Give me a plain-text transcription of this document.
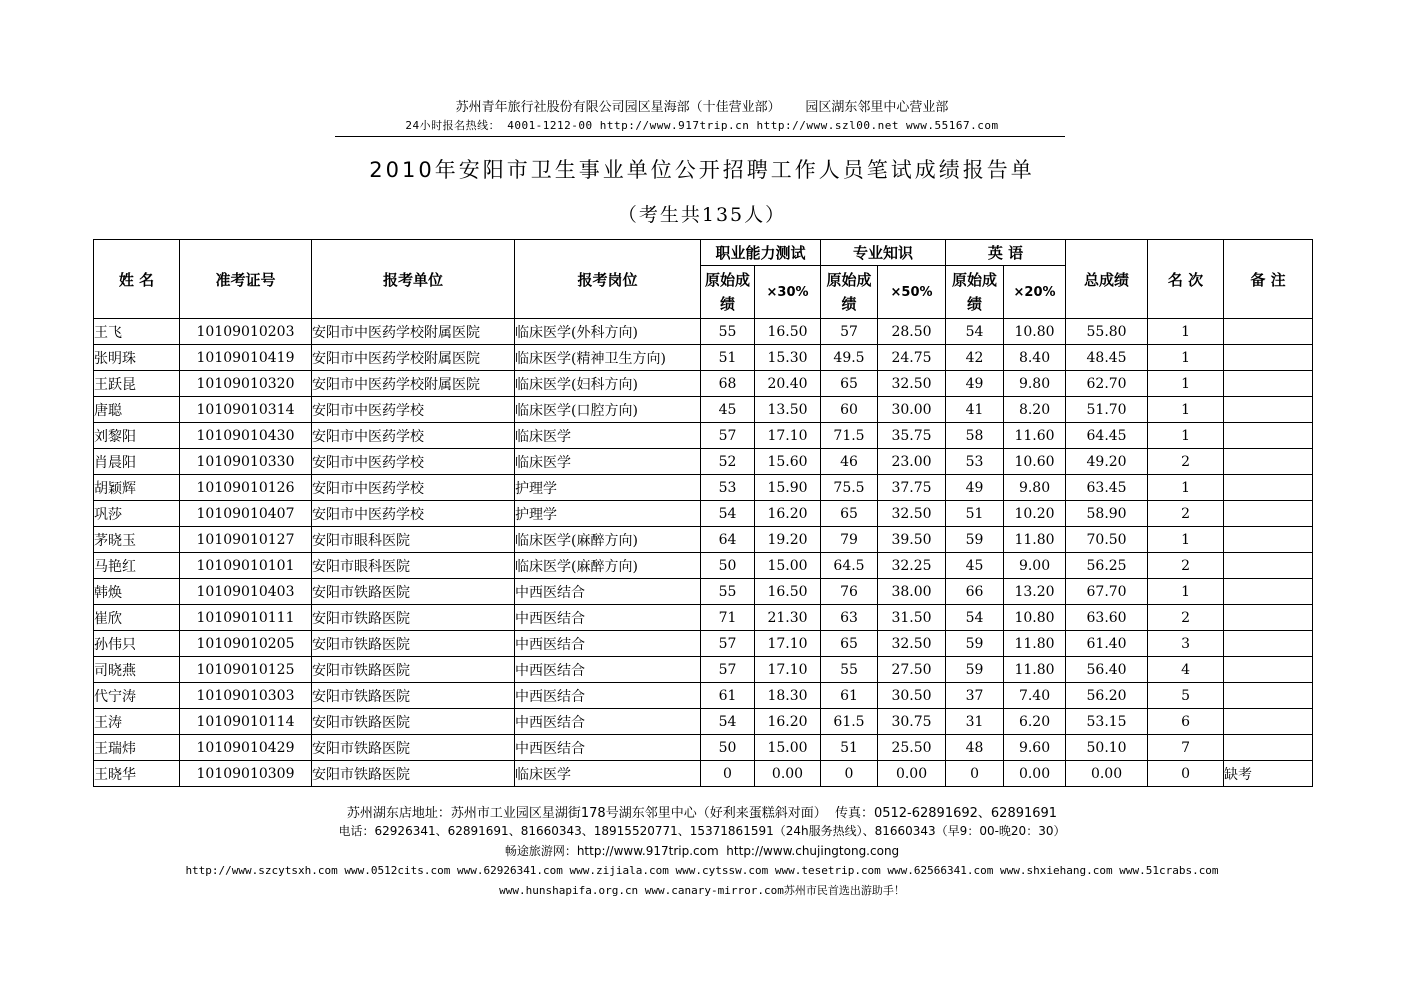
苏州青年旅行社股份有限公司园区星海部（十佳营业部）      园区湖东邻里中心营业部
24小时报名热线： 4001-1212-00 http://www.917trip.cn http://www.szl00.net www.55167.com
2010年安阳市卫生事业单位公开招聘工作人员笔试成绩报告单
（考生共135人）
姓 名	准考证号	报考单位	报考岗位	职业能力测试		专业知识		英 语		总成绩	名 次	备 注
				原始成绩	×30%	原始成绩	×50%	原始成绩	×20%			
王飞	10109010203	安阳市中医药学校附属医院	临床医学(外科方向)	55	16.50	57	28.50	54	10.80	55.80	1	
张明珠	10109010419	安阳市中医药学校附属医院	临床医学(精神卫生方向)	51	15.30	49.5	24.75	42	8.40	48.45	1	
王跃昆	10109010320	安阳市中医药学校附属医院	临床医学(妇科方向)	68	20.40	65	32.50	49	9.80	62.70	1	
唐聪	10109010314	安阳市中医药学校	临床医学(口腔方向)	45	13.50	60	30.00	41	8.20	51.70	1	
刘黎阳	10109010430	安阳市中医药学校	临床医学	57	17.10	71.5	35.75	58	11.60	64.45	1	
肖晨阳	10109010330	安阳市中医药学校	临床医学	52	15.60	46	23.00	53	10.60	49.20	2	
胡颖辉	10109010126	安阳市中医药学校	护理学	53	15.90	75.5	37.75	49	9.80	63.45	1	
巩莎	10109010407	安阳市中医药学校	护理学	54	16.20	65	32.50	51	10.20	58.90	2	
茅晓玉	10109010127	安阳市眼科医院	临床医学(麻醉方向)	64	19.20	79	39.50	59	11.80	70.50	1	
马艳红	10109010101	安阳市眼科医院	临床医学(麻醉方向)	50	15.00	64.5	32.25	45	9.00	56.25	2	
韩焕	10109010403	安阳市铁路医院	中西医结合	55	16.50	76	38.00	66	13.20	67.70	1	
崔欣	10109010111	安阳市铁路医院	中西医结合	71	21.30	63	31.50	54	10.80	63.60	2	
孙伟只	10109010205	安阳市铁路医院	中西医结合	57	17.10	65	32.50	59	11.80	61.40	3	
司晓燕	10109010125	安阳市铁路医院	中西医结合	57	17.10	55	27.50	59	11.80	56.40	4	
代宁涛	10109010303	安阳市铁路医院	中西医结合	61	18.30	61	30.50	37	7.40	56.20	5	
王涛	10109010114	安阳市铁路医院	中西医结合	54	16.20	61.5	30.75	31	6.20	53.15	6	
王瑞炜	10109010429	安阳市铁路医院	中西医结合	50	15.00	51	25.50	48	9.60	50.10	7	
王晓华	10109010309	安阳市铁路医院	临床医学	0	0.00	0	0.00	0	0.00	0.00	0	缺考
苏州湖东店地址：苏州市工业园区星湖街178号湖东邻里中心（好利来蛋糕斜对面）  传真：0512-62891692、62891691
电话：62926341、62891691、81660343、18915520771、15371861591（24h服务热线）、81660343（早9：00-晚20：30）
畅途旅游网：http://www.917trip.com  http://www.chujingtong.cong
http://www.szcytsxh.com www.0512cits.com www.62926341.com www.zijiala.com www.cytssw.com www.tesetrip.com www.62566341.com www.shxiehang.com www.51crabs.com
www.hunshapifa.org.cn www.canary-mirror.com苏州市民首选出游助手！
